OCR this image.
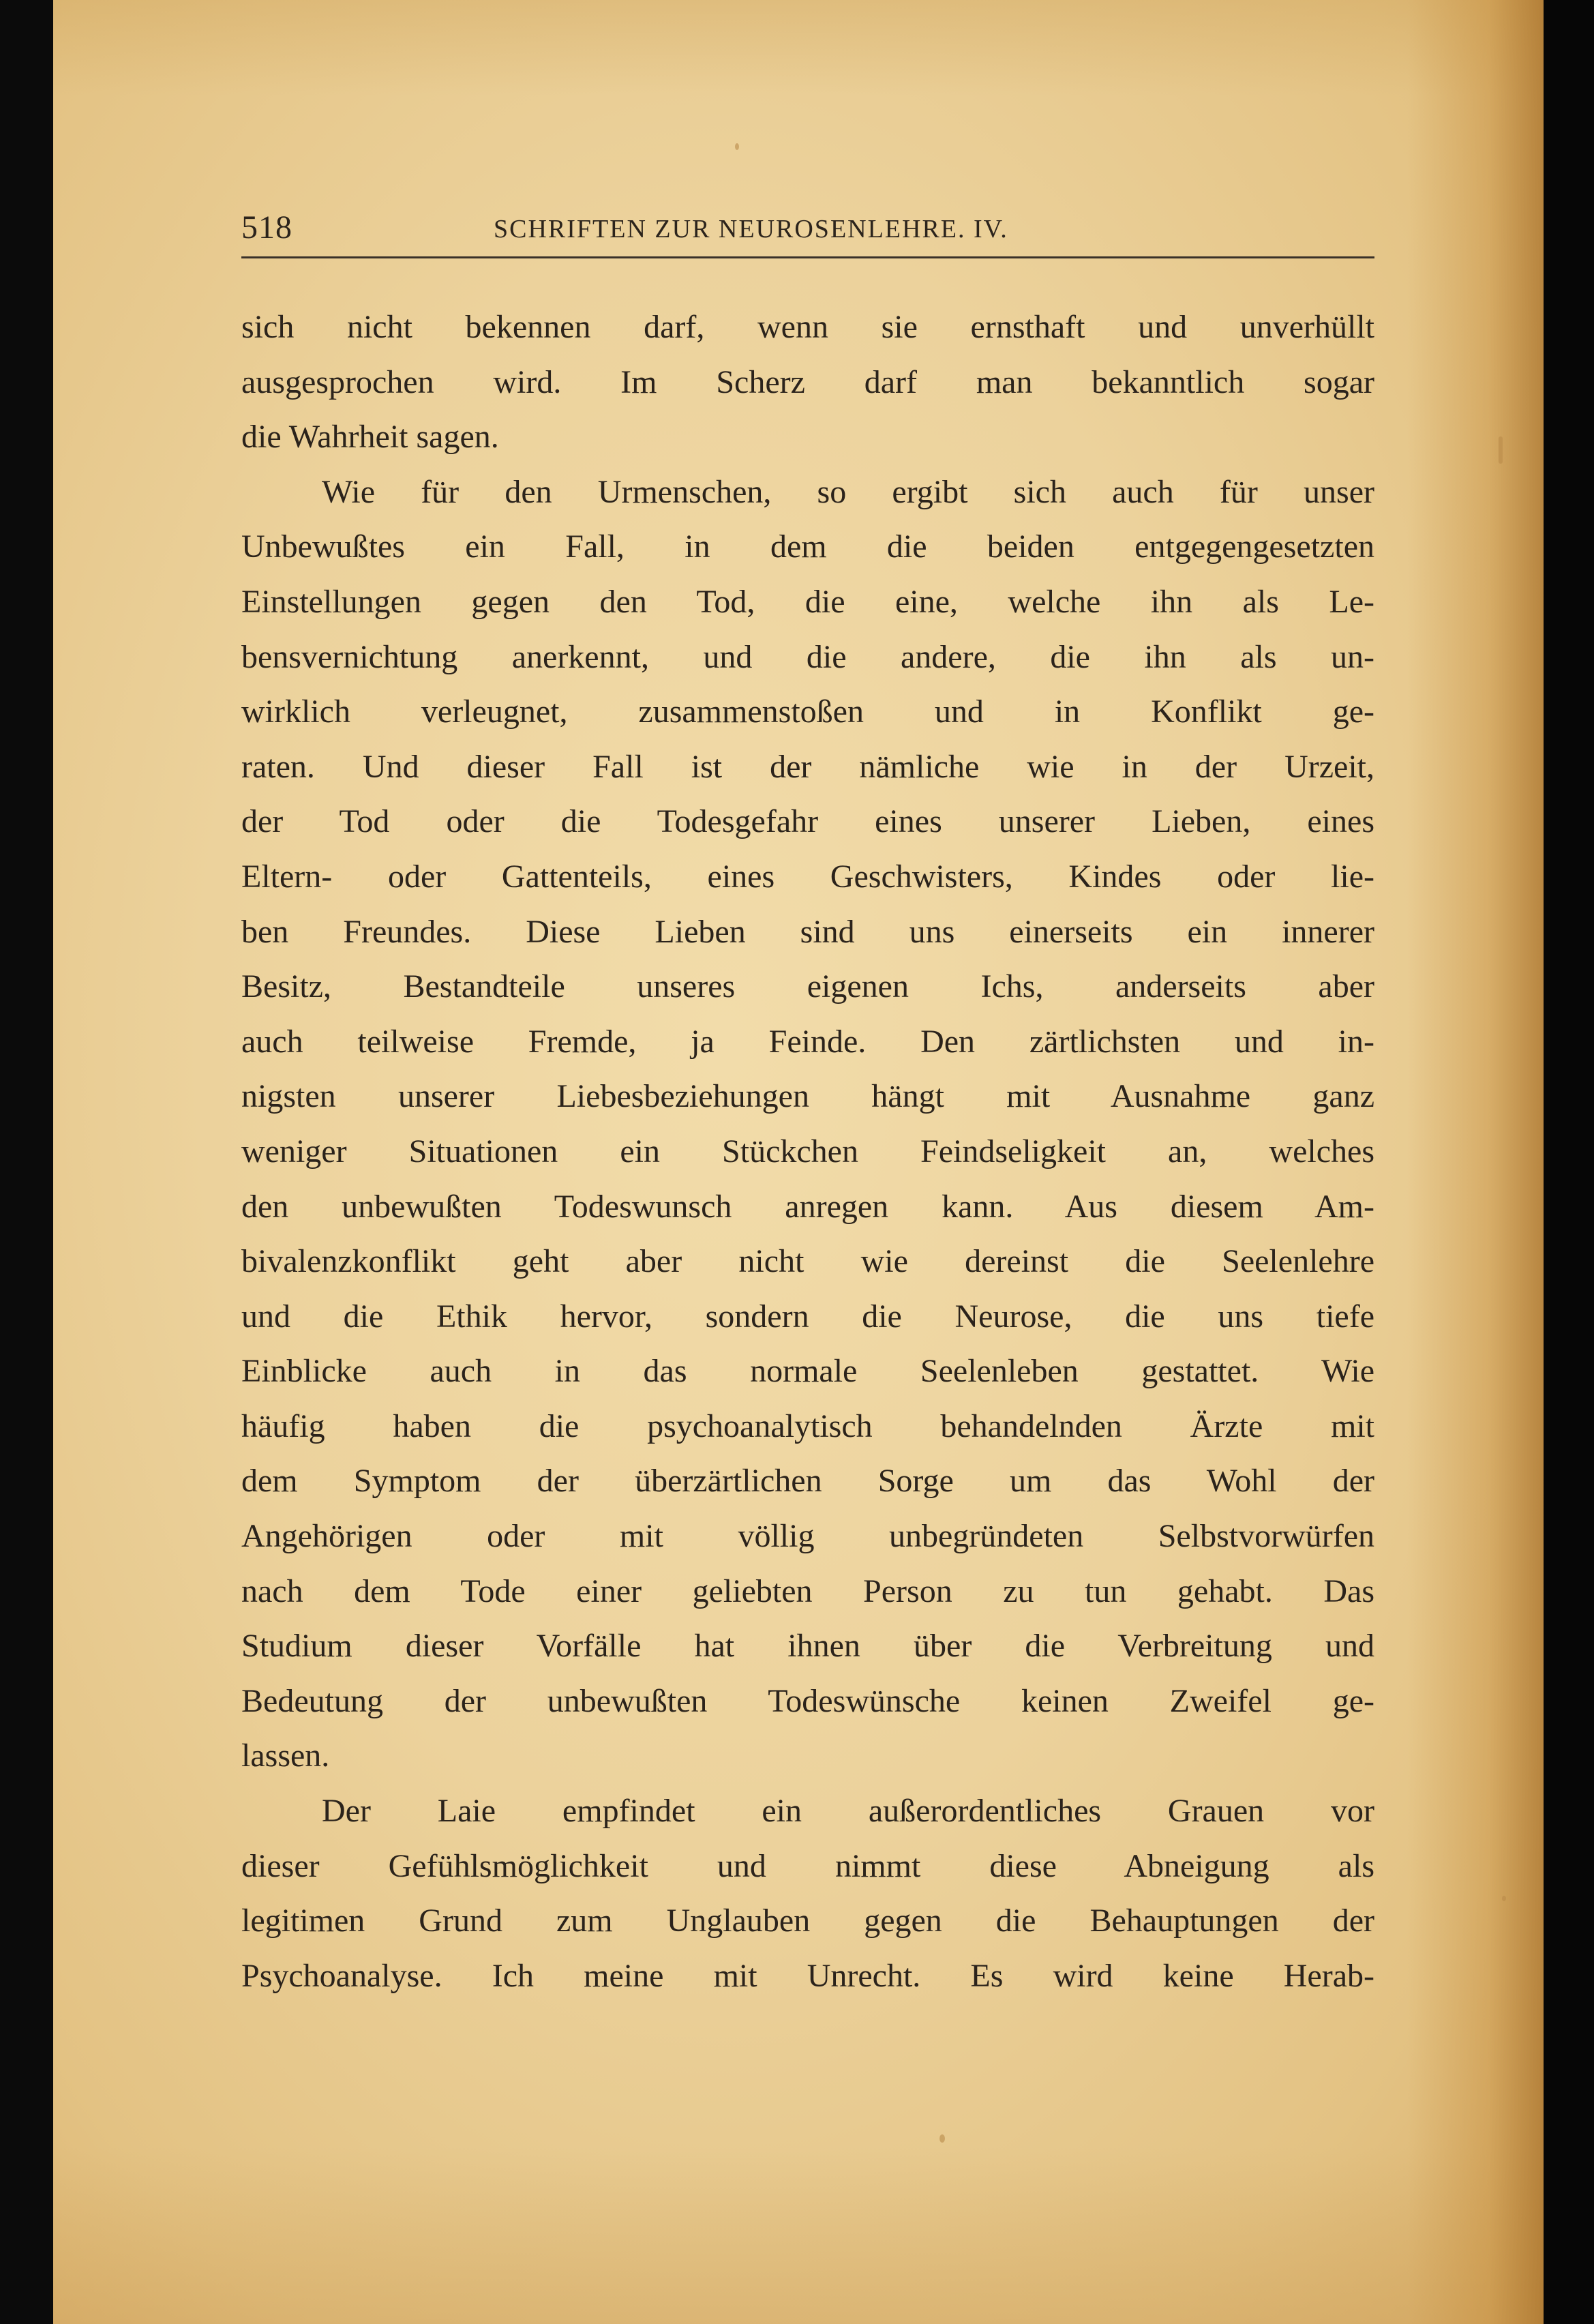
518	SCHRIFTEN ZUR NEUROSENLEHRE. IV.
sich nicht bekennen darf, wenn sie ernsthaft und unverhüllt
ausgesprochen wird. Im Scherz darf man bekanntlich sogar
die Wahrheit sagen.
Wie für den Urmenschen, so ergibt sich auch für unser
Unbewußtes ein Fall, in dem die beiden entgegengesetzten
Einstellungen gegen den Tod, die eine, welche ihn als Le-
bensvernichtung anerkennt, und die andere, die ihn als un-
wirklich verleugnet, zusammenstoßen und in Konflikt ge-
raten. Und dieser Fall ist der nämliche wie in der Urzeit,
der Tod oder die Todesgefahr eines unserer Lieben, eines
Eltern- oder Gattenteils, eines Geschwisters, Kindes oder lie-
ben Freundes. Diese Lieben sind uns einerseits ein innerer
Besitz, Bestandteile unseres eigenen Ichs, anderseits aber
auch teilweise Fremde, ja Feinde. Den zärtlichsten und in-
nigsten unserer Liebesbeziehungen hängt mit Ausnahme ganz
weniger Situationen ein Stückchen Feindseligkeit an, welches
den unbewußten Todeswunsch anregen kann. Aus diesem Am-
bivalenzkonflikt geht aber nicht wie dereinst die Seelenlehre
und die Ethik hervor, sondern die Neurose, die uns tiefe
Einblicke auch in das normale Seelenleben gestattet. Wie
häufig haben die psychoanalytisch behandelnden Ärzte mit
dem Symptom der überzärtlichen Sorge um das Wohl der
Angehörigen oder mit völlig unbegründeten Selbstvorwürfen
nach dem Tode einer geliebten Person zu tun gehabt. Das
Studium dieser Vorfälle hat ihnen über die Verbreitung und
Bedeutung der unbewußten Todeswünsche keinen Zweifel ge-
lassen.
Der Laie empfindet ein außerordentliches Grauen vor
dieser Gefühlsmöglichkeit und nimmt diese Abneigung als
legitimen Grund zum Unglauben gegen die Behauptungen der
Psychoanalyse. Ich meine mit Unrecht. Es wird keine Herab-
